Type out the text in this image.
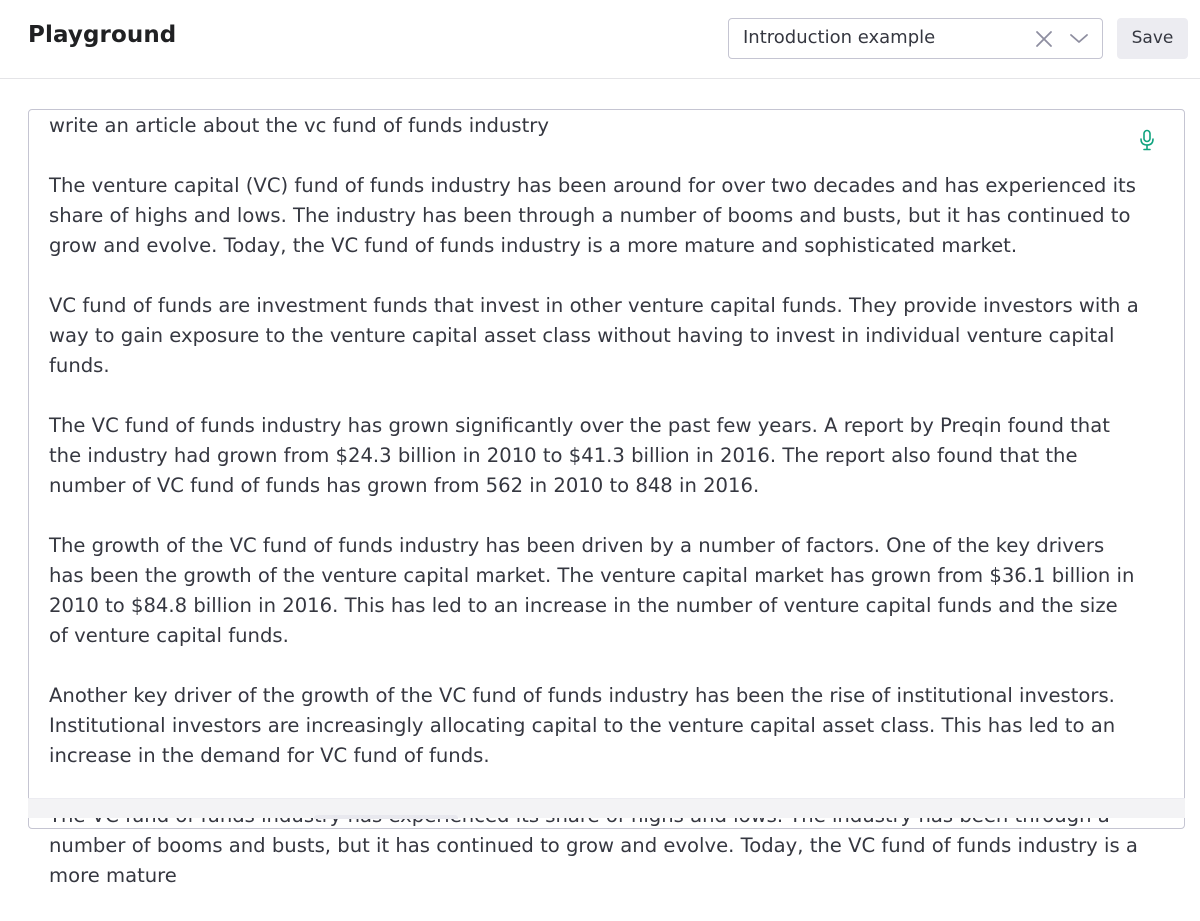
Playground	Introduction example	Save

write an article about the vc fund of funds industry

The venture capital (VC) fund of funds industry has been around for over two decades and has experienced its share of highs and lows. The industry has been through a number of booms and busts, but it has continued to grow and evolve. Today, the VC fund of funds industry is a more mature and sophisticated market.

VC fund of funds are investment funds that invest in other venture capital funds. They provide investors with a way to gain exposure to the venture capital asset class without having to invest in individual venture capital funds.

The VC fund of funds industry has grown significantly over the past few years. A report by Preqin found that the industry had grown from $24.3 billion in 2010 to $41.3 billion in 2016. The report also found that the number of VC fund of funds has grown from 562 in 2010 to 848 in 2016.

The growth of the VC fund of funds industry has been driven by a number of factors. One of the key drivers has been the growth of the venture capital market. The venture capital market has grown from $36.1 billion in 2010 to $84.8 billion in 2016. This has led to an increase in the number of venture capital funds and the size of venture capital funds.

Another key driver of the growth of the VC fund of funds industry has been the rise of institutional investors. Institutional investors are increasingly allocating capital to the venture capital asset class. This has led to an increase in the demand for VC fund of funds.

number of booms and busts, but it has continued to grow and evolve. Today, the VC fund of funds industry is a more mature
